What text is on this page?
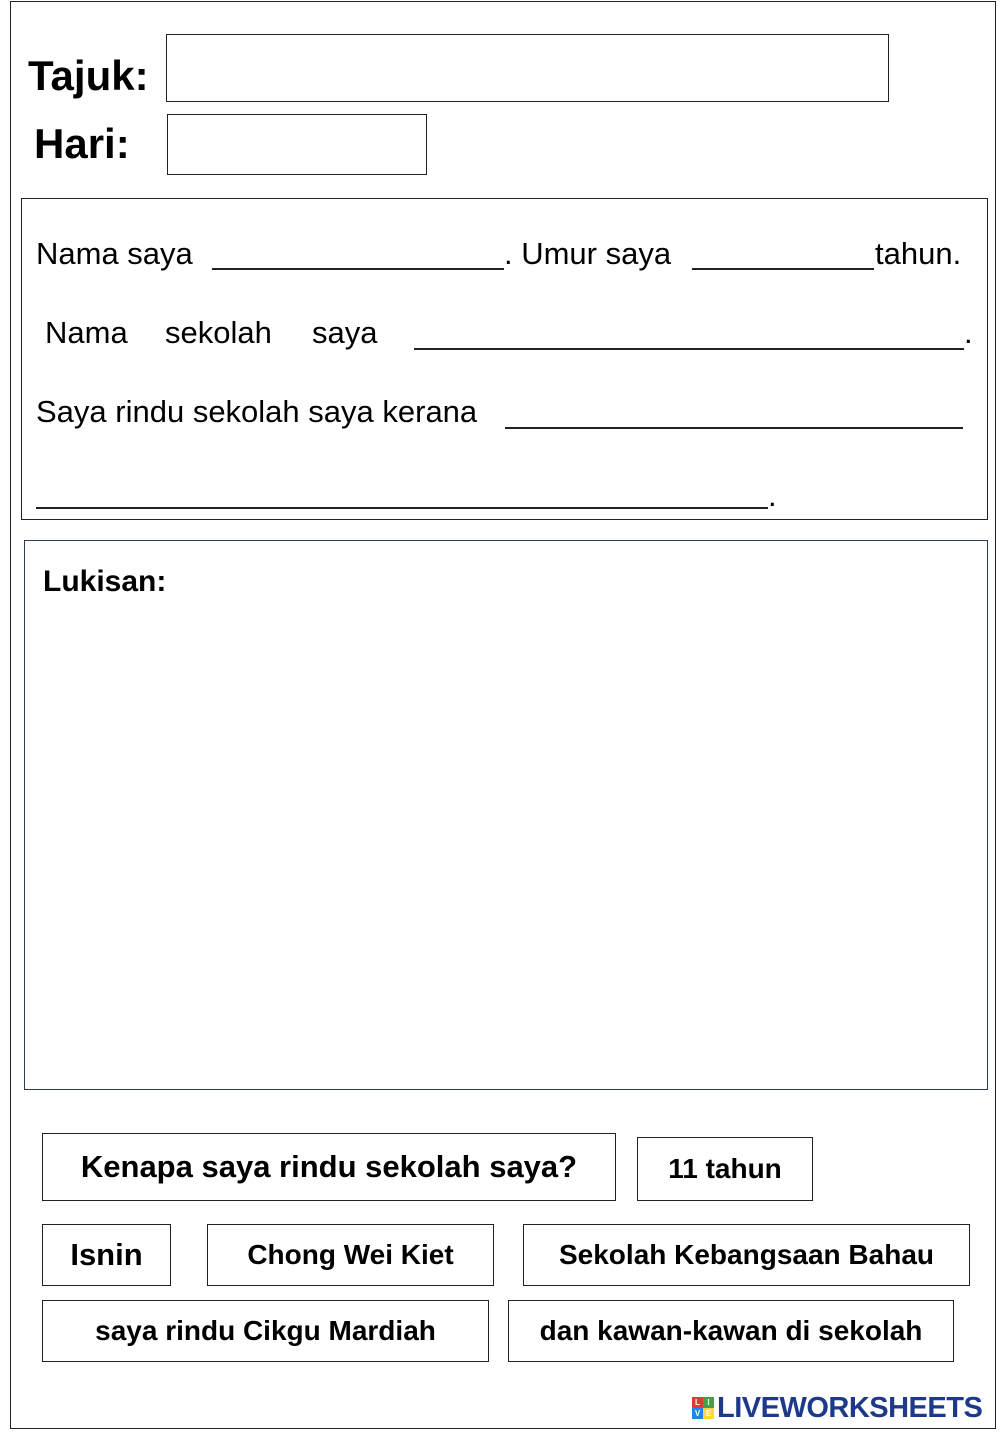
Tajuk:
Hari:
Nama saya	. Umur saya	tahun.
Nama sekolah saya	.
Saya rindu sekolah saya kerana
.
Lukisan:
Kenapa saya rindu sekolah saya?	11 tahun
Isnin	Chong Wei Kiet	Sekolah Kebangsaan Bahau
saya rindu Cikgu Mardiah	dan kawan-kawan di sekolah
L I
V E LIVEWORKSHEETS
